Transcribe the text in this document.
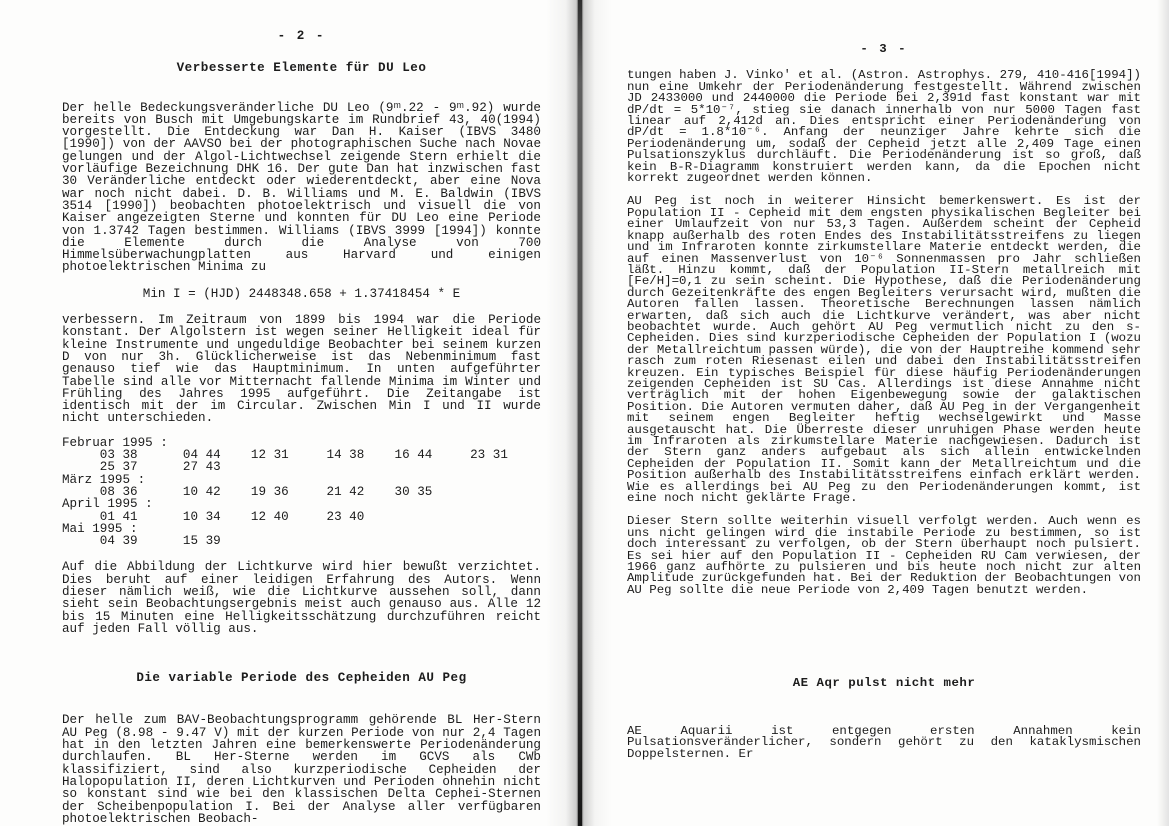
- 2 -
Verbesserte Elemente für DU Leo
Der helle Bedeckungsveränderliche DU Leo (9ᵐ.22 - 9ᵐ.92) wurde bereits von Busch mit Umgebungskarte im Rundbrief 43, 40(1994) vorgestellt. Die Entdeckung war Dan H. Kaiser (IBVS 3480 [1990]) von der AAVSO bei der photographischen Suche nach Novae gelungen und der Algol-Lichtwechsel zeigende Stern erhielt die vorläufige Bezeichnung DHK 16. Der gute Dan hat inzwischen fast 30 Veränderliche entdeckt oder wiederentdeckt, aber eine Nova war noch nicht dabei. D. B. Williams und M. E. Baldwin (IBVS 3514 [1990]) beobachten photoelektrisch und visuell die von Kaiser angezeigten Sterne und konnten für DU Leo eine Periode von 1.3742 Tagen bestimmen. Williams (IBVS 3999 [1994]) konnte die Elemente durch die Analyse von 700 Himmelsüberwachungplatten aus Harvard und einigen photoelektrischen Minima zu
Min I = (HJD) 2448348.658 + 1.37418454 * E
verbessern. Im Zeitraum von 1899 bis 1994 war die Periode konstant. Der Algolstern ist wegen seiner Helligkeit ideal für kleine Instrumente und ungeduldige Beobachter bei seinem kurzen D von nur 3h. Glücklicherweise ist das Nebenminimum fast genauso tief wie das Hauptminimum. In unten aufgeführter Tabelle sind alle vor Mitternacht fallende Minima im Winter und Frühling des Jahres 1995 aufgeführt. Die Zeitangabe ist identisch mit der im Circular. Zwischen Min I und II wurde nicht unterschieden.
Februar 1995 :
03 38      04 44    12 31     14 38    16 44     23 31
25 37      27 43
März 1995 :
08 36      10 42    19 36     21 42    30 35
April 1995 :
01 41      10 34    12 40     23 40
Mai 1995 :
04 39      15 39
Auf die Abbildung der Lichtkurve wird hier bewußt verzichtet. Dies beruht auf einer leidigen Erfahrung des Autors. Wenn dieser nämlich weiß, wie die Lichtkurve aussehen soll, dann sieht sein Beobachtungsergebnis meist auch genauso aus. Alle 12 bis 15 Minuten eine Helligkeitsschätzung durchzuführen reicht auf jeden Fall völlig aus.
Die variable Periode des Cepheiden AU Peg
Der helle zum BAV-Beobachtungsprogramm gehörende BL Her-Stern AU Peg (8.98 - 9.47 V) mit der kurzen Periode von nur 2,4 Tagen hat in den letzten Jahren eine bemerkenswerte Periodenänderung durchlaufen. BL Her-Sterne werden im GCVS als CWb klassifiziert, sind also kurzperiodische Cepheiden der Halopopulation II, deren Lichtkurven und Perioden ohnehin nicht so konstant sind wie bei den klassischen Delta Cephei-Sternen der Scheibenpopulation I. Bei der Analyse aller verfügbaren photoelektrischen Beobach-
- 3 -
tungen haben J. Vinko' et al. (Astron. Astrophys. 279, 410-416[1994]) nun eine Umkehr der Periodenänderung festgestellt. Während zwischen JD 2433000 und 2440000 die Periode bei 2,391d fast konstant war mit dP/dt = 5*10⁻⁷, stieg sie danach innerhalb von nur 5000 Tagen fast linear auf 2,412d an. Dies entspricht einer Periodenänderung von dP/dt = 1.8*10⁻⁶. Anfang der neunziger Jahre kehrte sich die Periodenänderung um, sodaß der Cepheid jetzt alle 2,409 Tage einen Pulsationszyklus durchläuft. Die Periodenänderung ist so groß, daß kein B-R-Diagramm konstruiert werden kann, da die Epochen nicht korrekt zugeordnet werden können.
AU Peg ist noch in weiterer Hinsicht bemerkenswert. Es ist der Population II - Cepheid mit dem engsten physikalischen Begleiter bei einer Umlaufzeit von nur 53,3 Tagen. Außerdem scheint der Cepheid knapp außerhalb des roten Endes des Instabilitätsstreifens zu liegen und im Infraroten konnte zirkumstellare Materie entdeckt werden, die auf einen Massenverlust von 10⁻⁶ Sonnenmassen pro Jahr schließen läßt. Hinzu kommt, daß der Population II-Stern metallreich mit [Fe/H]=0,1 zu sein scheint. Die Hypothese, daß die Periodenänderung durch Gezeitenkräfte des engen Begleiters verursacht wird, mußten die Autoren fallen lassen. Theoretische Berechnungen lassen nämlich erwarten, daß sich auch die Lichtkurve verändert, was aber nicht beobachtet wurde. Auch gehört AU Peg vermutlich nicht zu den s-Cepheiden. Dies sind kurzperiodische Cepheiden der Population I (wozu der Metallreichtum passen würde), die von der Hauptreihe kommend sehr rasch zum roten Riesenast eilen und dabei den Instabilitätsstreifen kreuzen. Ein typisches Beispiel für diese häufig Periodenänderungen zeigenden Cepheiden ist SU Cas. Allerdings ist diese Annahme nicht verträglich mit der hohen Eigenbewegung sowie der galaktischen Position. Die Autoren vermuten daher, daß AU Peg in der Vergangenheit mit seinem engen Begleiter heftig wechselgewirkt und Masse ausgetauscht hat. Die Überreste dieser unruhigen Phase werden heute im Infraroten als zirkumstellare Materie nachgewiesen. Dadurch ist der Stern ganz anders aufgebaut als sich allein entwickelnden Cepheiden der Population II. Somit kann der Metallreichtum und die Position außerhalb des Instabilitätsstreifens einfach erklärt werden. Wie es allerdings bei AU Peg zu den Periodenänderungen kommt, ist eine noch nicht geklärte Frage.
Dieser Stern sollte weiterhin visuell verfolgt werden. Auch wenn es uns nicht gelingen wird die instabile Periode zu bestimmen, so ist doch interessant zu verfolgen, ob der Stern überhaupt noch pulsiert. Es sei hier auf den Population II - Cepheiden RU Cam verwiesen, der 1966 ganz aufhörte zu pulsieren und bis heute noch nicht zur alten Amplitude zurückgefunden hat. Bei der Reduktion der Beobachtungen von AU Peg sollte die neue Periode von 2,409 Tagen benutzt werden.
AE Aqr pulst nicht mehr
AE Aquarii ist entgegen ersten Annahmen kein Pulsationsveränderlicher, sondern gehört zu den kataklysmischen Doppelsternen. Er
